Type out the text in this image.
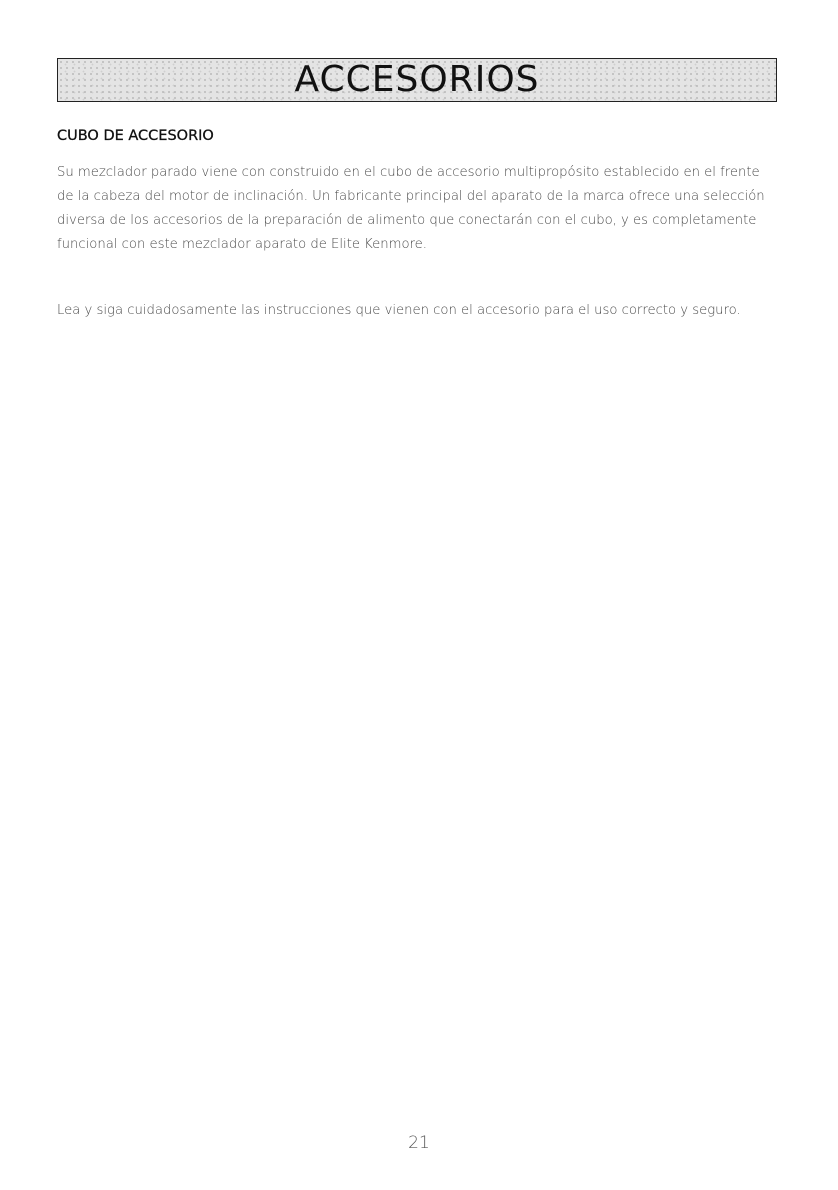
ACCESORIOS
CUBO DE ACCESORIO

Su mezclador parado viene con construido en el cubo de accesorio multipropósito establecido en el frente de la cabeza del motor de inclinación. Un fabricante principal del aparato de la marca ofrece una selección diversa de los accesorios de la preparación de alimento que conectarán con el cubo, y es completamente funcional con este mezclador aparato de Elite Kenmore.

Lea y siga cuidadosamente las instrucciones que vienen con el accesorio para el uso correcto y seguro.

21
